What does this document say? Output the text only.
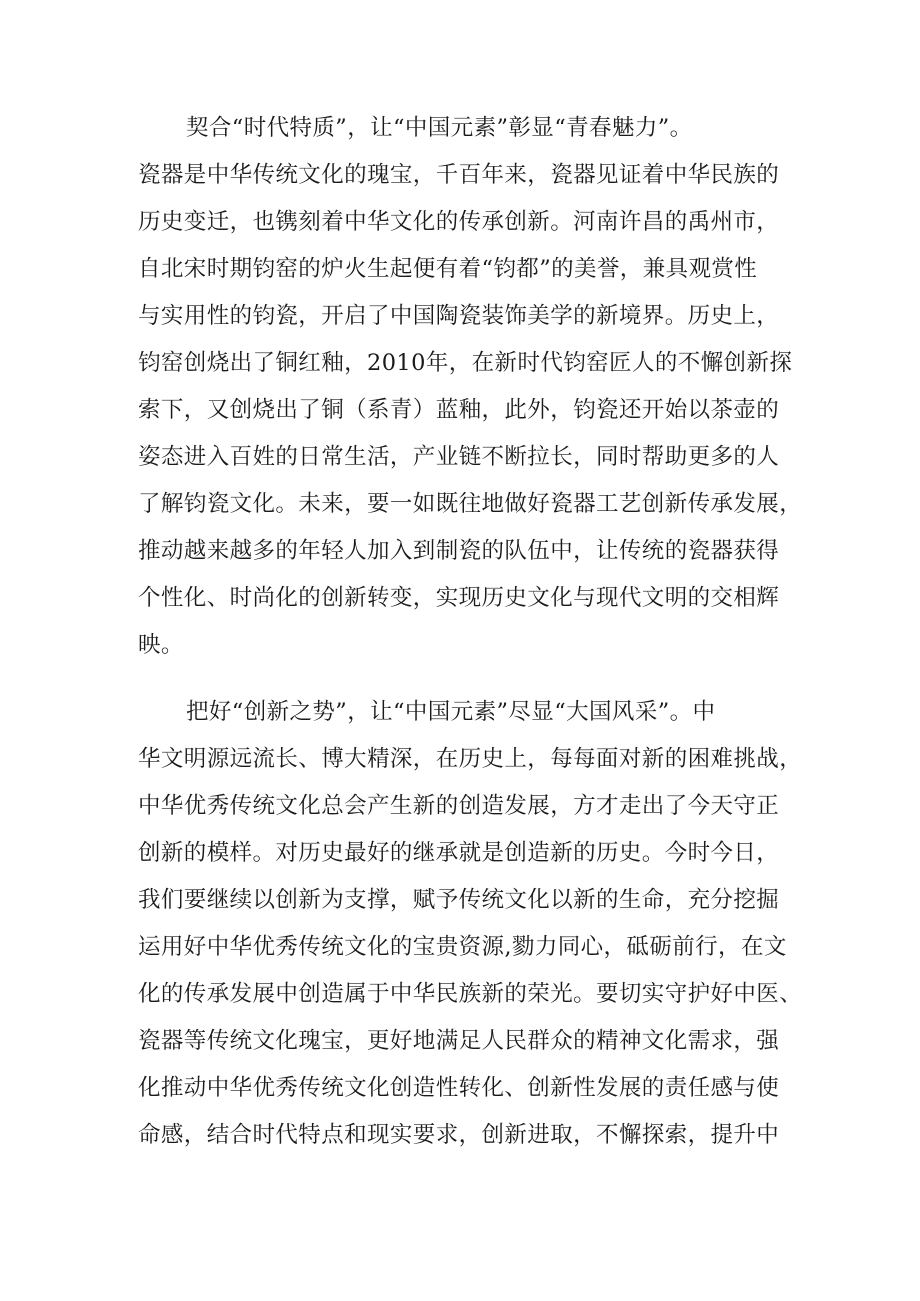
契合“时代特质”，让“中国元素”彰显“青春魅力”。
瓷器是中华传统文化的瑰宝，千百年来，瓷器见证着中华民族的
历史变迁，也镌刻着中华文化的传承创新。河南许昌的禹州市，
自北宋时期钧窑的炉火生起便有着“钧都”的美誉，兼具观赏性
与实用性的钧瓷，开启了中国陶瓷装饰美学的新境界。历史上，
钧窑创烧出了铜红釉，2010年，在新时代钧窑匠人的不懈创新探
索下，又创烧出了铜（系青）蓝釉，此外，钧瓷还开始以茶壶的
姿态进入百姓的日常生活，产业链不断拉长，同时帮助更多的人
了解钧瓷文化。未来，要一如既往地做好瓷器工艺创新传承发展，
推动越来越多的年轻人加入到制瓷的队伍中，让传统的瓷器获得
个性化、时尚化的创新转变，实现历史文化与现代文明的交相辉
映。
把好“创新之势”，让“中国元素”尽显“大国风采”。中
华文明源远流长、博大精深，在历史上，每每面对新的困难挑战，
中华优秀传统文化总会产生新的创造发展，方才走出了今天守正
创新的模样。对历史最好的继承就是创造新的历史。今时今日，
我们要继续以创新为支撑，赋予传统文化以新的生命，充分挖掘
运用好中华优秀传统文化的宝贵资源,勠力同心，砥砺前行，在文
化的传承发展中创造属于中华民族新的荣光。要切实守护好中医、
瓷器等传统文化瑰宝，更好地满足人民群众的精神文化需求，强
化推动中华优秀传统文化创造性转化、创新性发展的责任感与使
命感，结合时代特点和现实要求，创新进取，不懈探索，提升中
